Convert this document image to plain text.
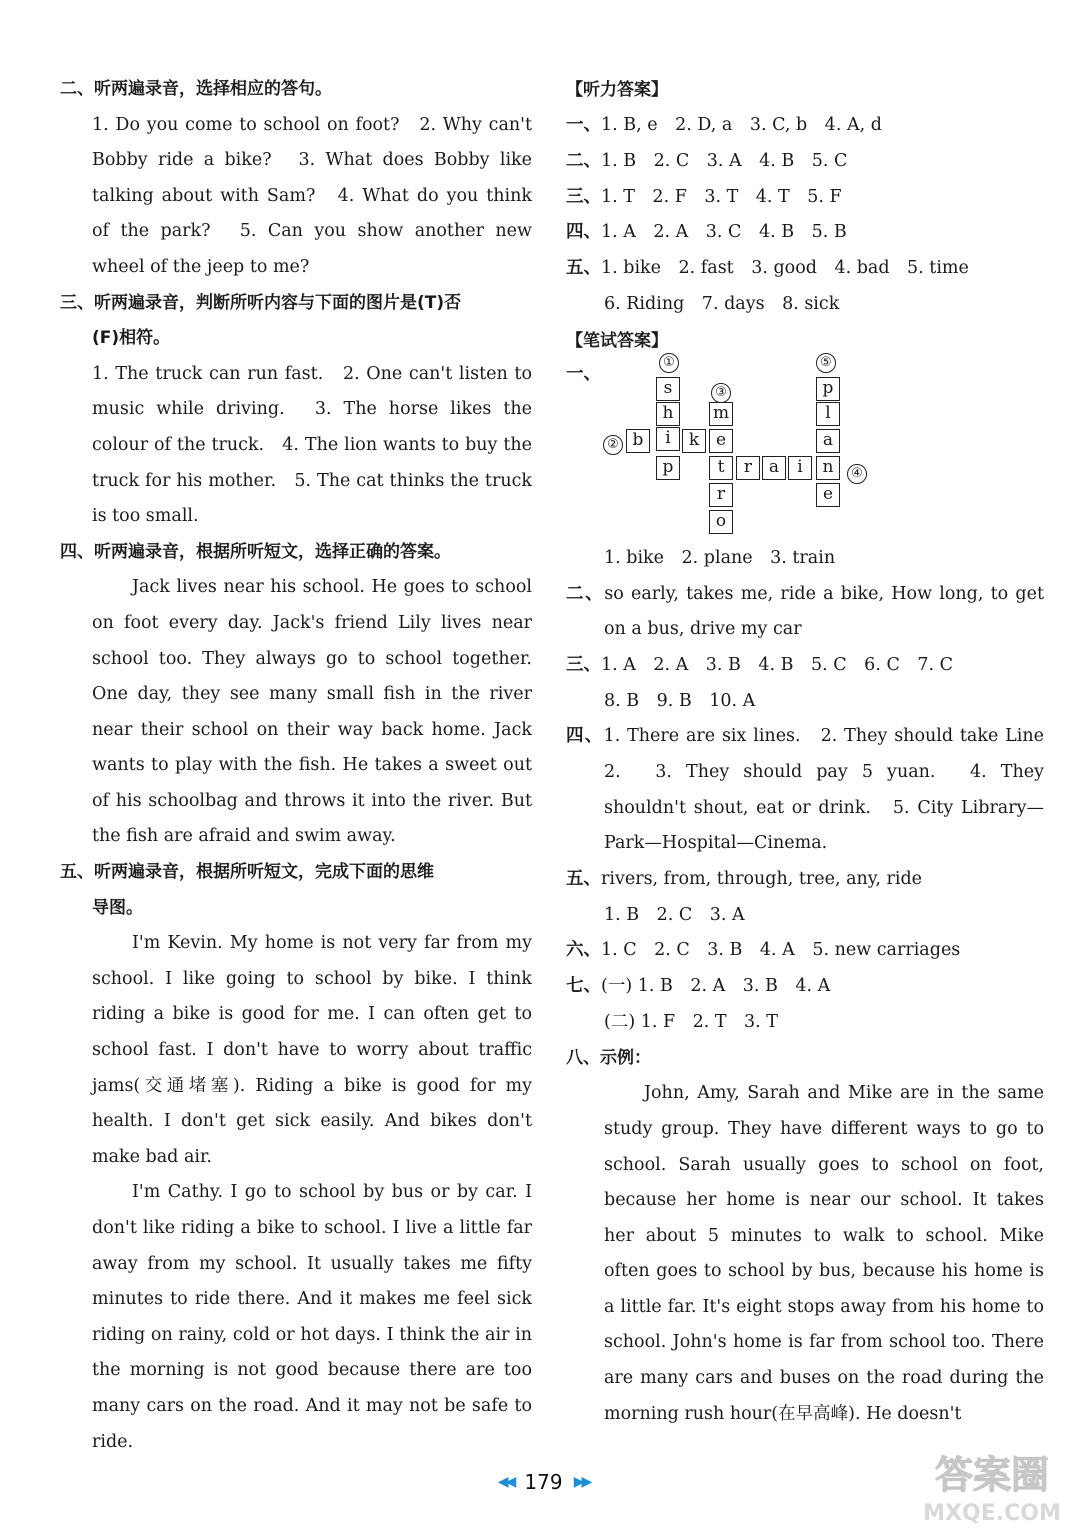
二、听两遍录音，选择相应的答句。

1. Do you come to school on foot?　2. Why can't Bobby ride a bike?　3. What does Bobby like talking about with Sam?　4. What do you think of the park?　5. Can you show another new wheel of the jeep to me?

三、听两遍录音，判断所听内容与下面的图片是(T)否

(F)相符。

1. The truck can run fast.　2. One can't listen to music while driving.　3. The horse likes the colour of the truck.　4. The lion wants to buy the truck for his mother.　5. The cat thinks the truck is too small.

四、听两遍录音，根据所听短文，选择正确的答案。

Jack lives near his school. He goes to school on foot every day. Jack's friend Lily lives near school too. They always go to school together. One day, they see many small fish in the river near their school on their way back home. Jack wants to play with the fish. He takes a sweet out of his schoolbag and throws it into the river. But the fish are afraid and swim away.

五、听两遍录音，根据所听短文，完成下面的思维

导图。

I'm Kevin. My home is not very far from my school. I like going to school by bike. I think riding a bike is good for me. I can often get to school fast. I don't have to worry about traffic jams(交通堵塞). Riding a bike is good for my health. I don't get sick easily. And bikes don't make bad air.

I'm Cathy. I go to school by bus or by car. I don't like riding a bike to school. I live a little far away from my school. It usually takes me fifty minutes to ride there. And it makes me feel sick riding on rainy, cold or hot days. I think the air in the morning is not good because there are too many cars on the road. And it may not be safe to ride.

【听力答案】

一、1. B, e　2. D, a　3. C, b　4. A, d

二、1. B　2. C　3. A　4. B　5. C

三、1. T　2. F　3. T　4. T　5. F

四、1. A　2. A　3. C　4. B　5. B

五、1. bike　2. fast　3. good　4. bad　5. time

6. Riding　7. days　8. sick

【笔试答案】

一、
①
②
③
④
⑤
s
h
i
p
b	k
m
e
t
r
o
r a	i
p
l
a
n
e

1. bike　2. plane　3. train

二、so early, takes me, ride a bike, How long, to get on a bus, drive my car

三、1. A　2. A　3. B　4. B　5. C　6. C　7. C

8. B　9. B　10. A

四、1. There are six lines.　2. They should take Line 2.　3. They should pay 5 yuan.　4. They shouldn't shout, eat or drink.　5. City Library—Park—Hospital—Cinema.

五、rivers, from, through, tree, any, ride

1. B　2. C　3. A

六、1. C　2. C　3. B　4. A　5. new carriages

七、(一) 1. B　2. A　3. B　4. A

(二) 1. F　2. T　3. T

八、示例：

John, Amy, Sarah and Mike are in the same study group. They have different ways to go to school. Sarah usually goes to school on foot, because her home is near our school. It takes her about 5 minutes to walk to school. Mike often goes to school by bus, because his home is a little far. It's eight stops away from his home to school. John's home is far from school too. There are many cars and buses on the road during the morning rush hour(在早高峰). He doesn't

◀◀ 179 ▶▶	答案圈
MXQE.COM
